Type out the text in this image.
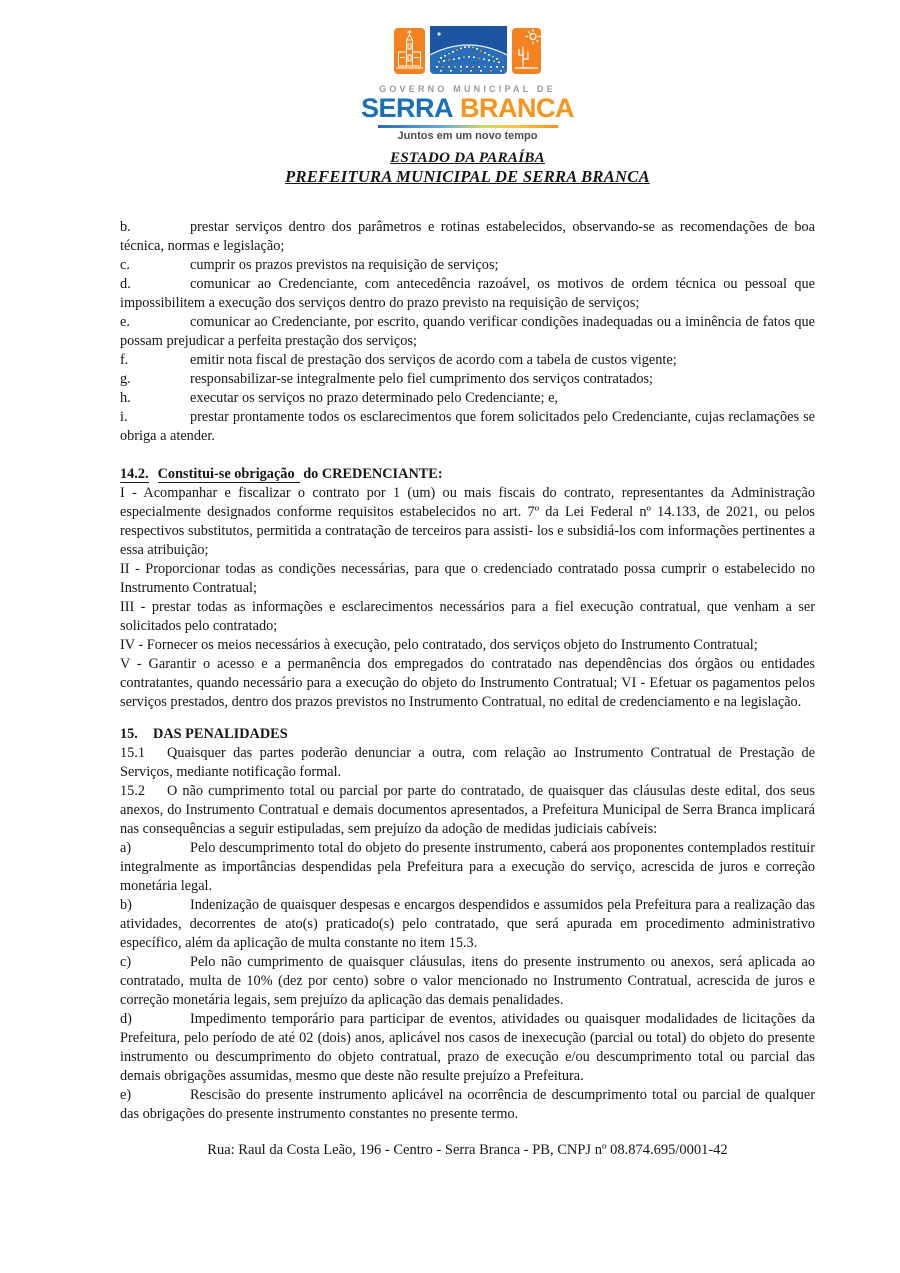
GOVERNO MUNICIPAL DE
SERRA BRANCA
Juntos em um novo tempo
ESTADO DA PARAÍBA
PREFEITURA MUNICIPAL DE SERRA BRANCA

b.	prestar serviços dentro dos parâmetros e rotinas estabelecidos, observando-se as recomendações de boa técnica, normas e legislação;

c.	cumprir os prazos previstos na requisição de serviços;

d.	comunicar ao Credenciante, com antecedência razoável, os motivos de ordem técnica ou pessoal que impossibilitem a execução dos serviços dentro do prazo previsto na requisição de serviços;

e.	comunicar ao Credenciante, por escrito, quando verificar condições inadequadas ou a iminência de fatos que possam prejudicar a perfeita prestação dos serviços;

f.	emitir nota fiscal de prestação dos serviços de acordo com a tabela de custos vigente;

g.	responsabilizar-se integralmente pelo fiel cumprimento dos serviços contratados;

h.	executar os serviços no prazo determinado pelo Credenciante; e,

i.	prestar prontamente todos os esclarecimentos que forem solicitados pelo Credenciante, cujas reclamações se obriga a atender.

14.2. Constitui-se obrigação do CREDENCIANTE:

I - Acompanhar e fiscalizar o contrato por 1 (um) ou mais fiscais do contrato, representantes da Administração especialmente designados conforme requisitos estabelecidos no art. 7º da Lei Federal nº 14.133, de 2021, ou pelos respectivos substitutos, permitida a contratação de terceiros para assisti- los e subsidiá-los com informações pertinentes a essa atribuição;

II - Proporcionar todas as condições necessárias, para que o credenciado contratado possa cumprir o estabelecido no Instrumento Contratual;

III - prestar todas as informações e esclarecimentos necessários para a fiel execução contratual, que venham a ser solicitados pelo contratado;

IV - Fornecer os meios necessários à execução, pelo contratado, dos serviços objeto do Instrumento Contratual;

V - Garantir o acesso e a permanência dos empregados do contratado nas dependências dos órgãos ou entidades contratantes, quando necessário para a execução do objeto do Instrumento Contratual; VI - Efetuar os pagamentos pelos serviços prestados, dentro dos prazos previstos no Instrumento Contratual, no edital de credenciamento e na legislação.

15. DAS PENALIDADES

15.1 Quaisquer das partes poderão denunciar a outra, com relação ao Instrumento Contratual de Prestação de Serviços, mediante notificação formal.

15.2 O não cumprimento total ou parcial por parte do contratado, de quaisquer das cláusulas deste edital, dos seus anexos, do Instrumento Contratual e demais documentos apresentados, a Prefeitura Municipal de Serra Branca implicará nas consequências a seguir estipuladas, sem prejuízo da adoção de medidas judiciais cabíveis:

a)	Pelo descumprimento total do objeto do presente instrumento, caberá aos proponentes contemplados restituir integralmente as importâncias despendidas pela Prefeitura para a execução do serviço, acrescida de juros e correção monetária legal.

b)	Indenização de quaisquer despesas e encargos despendidos e assumidos pela Prefeitura para a realização das atividades, decorrentes de ato(s) praticado(s) pelo contratado, que será apurada em procedimento administrativo específico, além da aplicação de multa constante no item 15.3.

c)	Pelo não cumprimento de quaisquer cláusulas, itens do presente instrumento ou anexos, será aplicada ao contratado, multa de 10% (dez por cento) sobre o valor mencionado no Instrumento Contratual, acrescida de juros e correção monetária legais, sem prejuízo da aplicação das demais penalidades.

d)	Impedimento temporário para participar de eventos, atividades ou quaisquer modalidades de licitações da Prefeitura, pelo período de até 02 (dois) anos, aplicável nos casos de inexecução (parcial ou total) do objeto do presente instrumento ou descumprimento do objeto contratual, prazo de execução e/ou descumprimento total ou parcial das demais obrigações assumidas, mesmo que deste não resulte prejuízo a Prefeitura.

e)	Rescisão do presente instrumento aplicável na ocorrência de descumprimento total ou parcial de qualquer das obrigações do presente instrumento constantes no presente termo.

Rua: Raul da Costa Leão, 196 - Centro - Serra Branca - PB, CNPJ nº 08.874.695/0001-42
